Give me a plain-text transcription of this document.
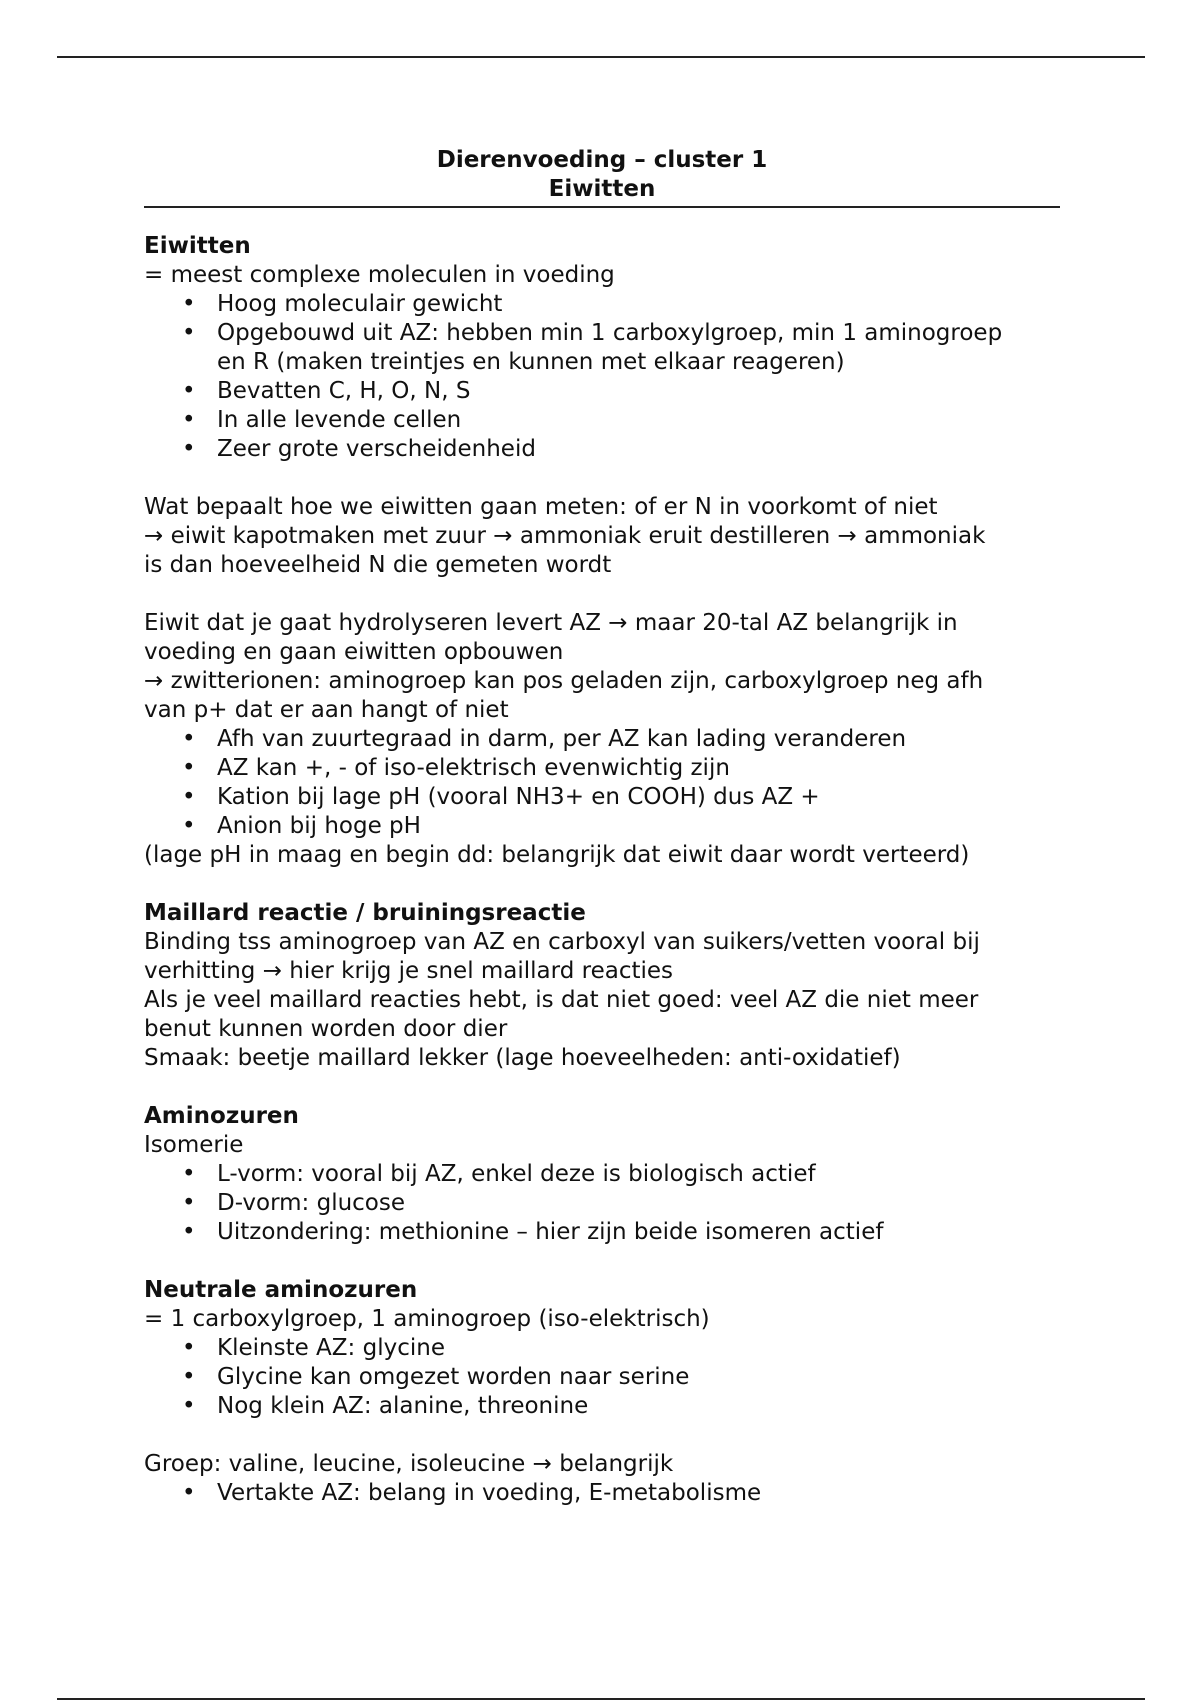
Dierenvoeding – cluster 1
Eiwitten
Eiwitten
= meest complexe moleculen in voeding
• Hoog moleculair gewicht
• Opgebouwd uit AZ: hebben min 1 carboxylgroep, min 1 aminogroep
en R (maken treintjes en kunnen met elkaar reageren)
• Bevatten C, H, O, N, S
• In alle levende cellen
• Zeer grote verscheidenheid
Wat bepaalt hoe we eiwitten gaan meten: of er N in voorkomt of niet
→ eiwit kapotmaken met zuur → ammoniak eruit destilleren → ammoniak
is dan hoeveelheid N die gemeten wordt
Eiwit dat je gaat hydrolyseren levert AZ → maar 20-tal AZ belangrijk in
voeding en gaan eiwitten opbouwen
→ zwitterionen: aminogroep kan pos geladen zijn, carboxylgroep neg afh
van p+ dat er aan hangt of niet
• Afh van zuurtegraad in darm, per AZ kan lading veranderen
• AZ kan +, - of iso-elektrisch evenwichtig zijn
• Kation bij lage pH (vooral NH3+ en COOH) dus AZ +
• Anion bij hoge pH
(lage pH in maag en begin dd: belangrijk dat eiwit daar wordt verteerd)
Maillard reactie / bruiningsreactie
Binding tss aminogroep van AZ en carboxyl van suikers/vetten vooral bij
verhitting → hier krijg je snel maillard reacties
Als je veel maillard reacties hebt, is dat niet goed: veel AZ die niet meer
benut kunnen worden door dier
Smaak: beetje maillard lekker (lage hoeveelheden: anti-oxidatief)
Aminozuren
Isomerie
• L-vorm: vooral bij AZ, enkel deze is biologisch actief
• D-vorm: glucose
• Uitzondering: methionine – hier zijn beide isomeren actief
Neutrale aminozuren
= 1 carboxylgroep, 1 aminogroep (iso-elektrisch)
• Kleinste AZ: glycine
• Glycine kan omgezet worden naar serine
• Nog klein AZ: alanine, threonine
Groep: valine, leucine, isoleucine → belangrijk
• Vertakte AZ: belang in voeding, E-metabolisme
